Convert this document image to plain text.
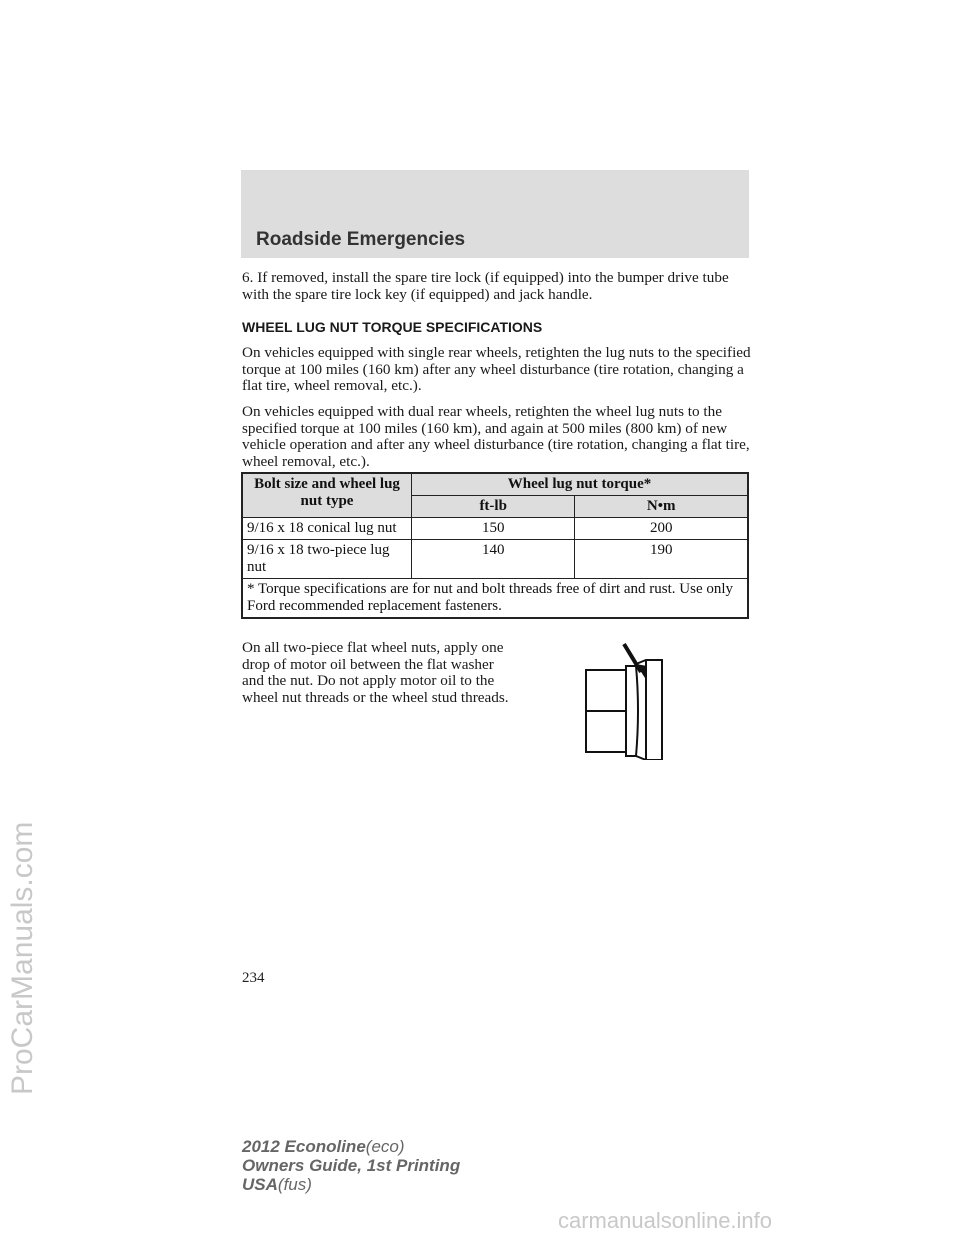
Roadside Emergencies

6. If removed, install the spare tire lock (if equipped) into the bumper drive tube with the spare tire lock key (if equipped) and jack handle.

WHEEL LUG NUT TORQUE SPECIFICATIONS

On vehicles equipped with single rear wheels, retighten the lug nuts to the specified torque at 100 miles (160 km) after any wheel disturbance (tire rotation, changing a flat tire, wheel removal, etc.).

On vehicles equipped with dual rear wheels, retighten the wheel lug nuts to the specified torque at 100 miles (160 km), and again at 500 miles (800 km) of new vehicle operation and after any wheel disturbance (tire rotation, changing a flat tire, wheel removal, etc.).

Bolt size and wheel lug nut type	Wheel lug nut torque*	
	ft-lb	N•m
9/16 x 18 conical lug nut	150	200
9/16 x 18 two-piece lug nut	140	190
* Torque specifications are for nut and bolt threads free of dirt and rust. Use only Ford recommended replacement fasteners.		

On all two-piece flat wheel nuts, apply one drop of motor oil between the flat washer and the nut. Do not apply motor oil to the wheel nut threads or the wheel stud threads.

234
2012 Econoline(eco)
Owners Guide, 1st Printing
USA(fus)
ProCarManuals.com
carmanualsonline.info
